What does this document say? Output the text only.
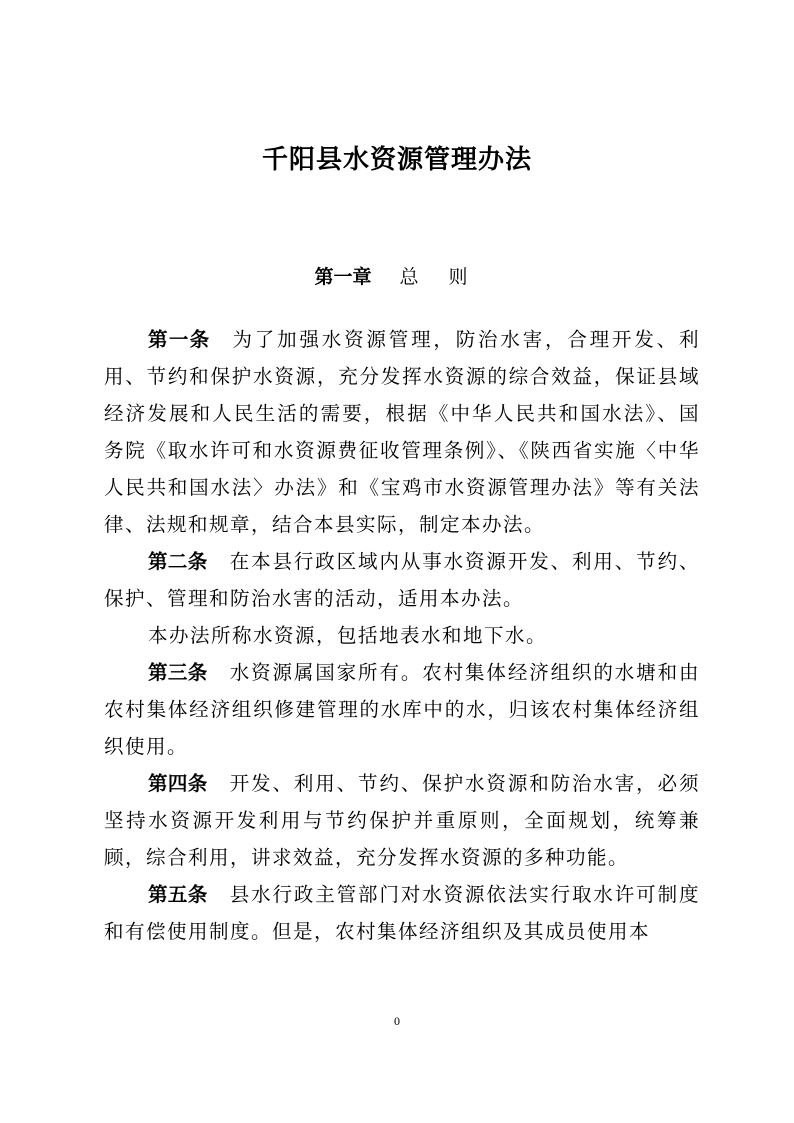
千阳县水资源管理办法
第一章 总 则

第一条 为了加强水资源管理，防治水害，合理开发、利用、节约和保护水资源，充分发挥水资源的综合效益，保证县域经济发展和人民生活的需要，根据《中华人民共和国水法》、国务院《取水许可和水资源费征收管理条例》、《陕西省实施〈中华人民共和国水法〉办法》和《宝鸡市水资源管理办法》等有关法律、法规和规章，结合本县实际，制定本办法。

第二条 在本县行政区域内从事水资源开发、利用、节约、保护、管理和防治水害的活动，适用本办法。

本办法所称水资源，包括地表水和地下水。

第三条 水资源属国家所有。农村集体经济组织的水塘和由农村集体经济组织修建管理的水库中的水，归该农村集体经济组织使用。

第四条 开发、利用、节约、保护水资源和防治水害，必须坚持水资源开发利用与节约保护并重原则，全面规划，统筹兼顾，综合利用，讲求效益，充分发挥水资源的多种功能。

第五条 县水行政主管部门对水资源依法实行取水许可制度和有偿使用制度。但是，农村集体经济组织及其成员使用本

0
